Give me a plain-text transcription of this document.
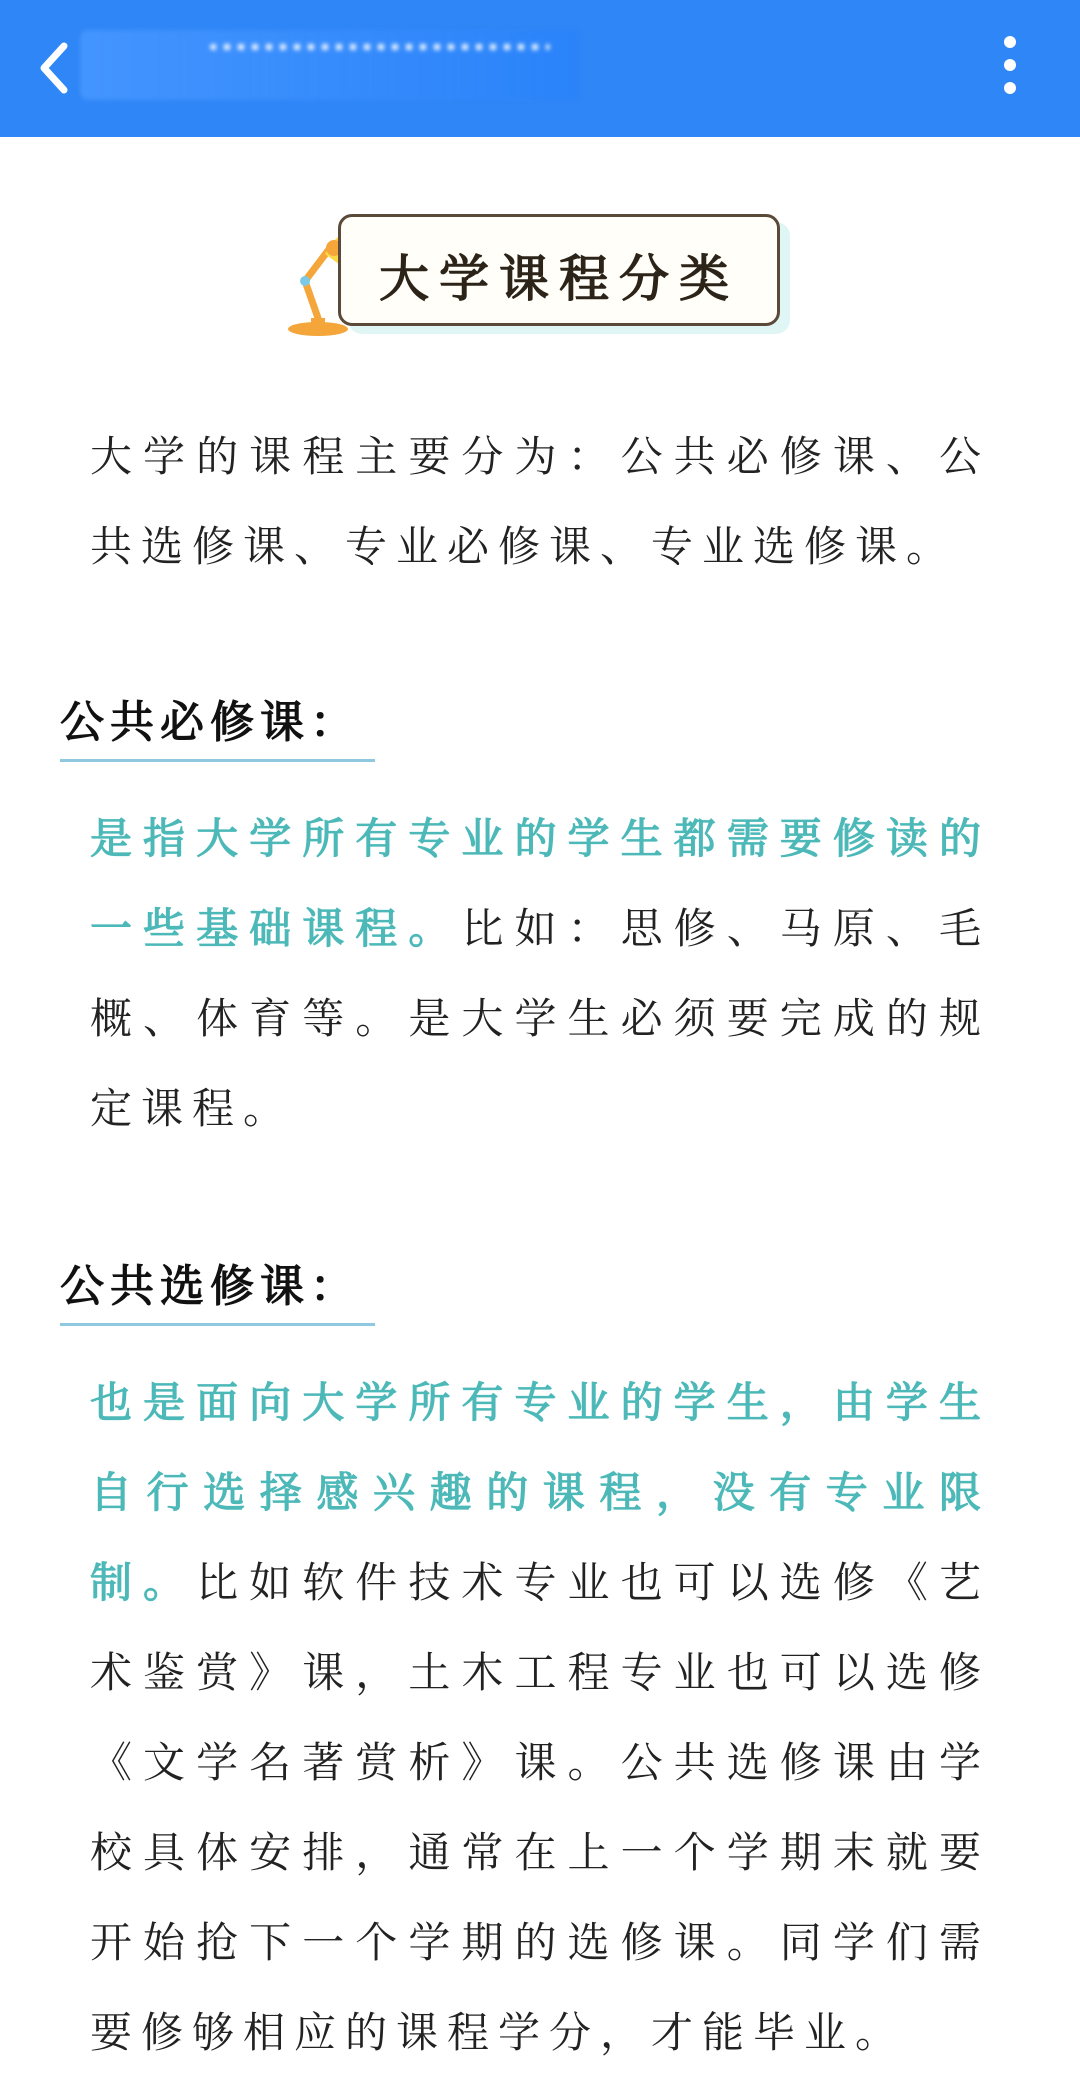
大学课程分类
大学的课程主要分为：公共必修课、公共选修课、专业必修课、专业选修课。
公共必修课：
是指大学所有专业的学生都需要修读的一些基础课程。比如：思修、马原、毛概、体育等。是大学生必须要完成的规定课程。
公共选修课：
也是面向大学所有专业的学生，由学生自行选择感兴趣的课程，没有专业限制。比如软件技术专业也可以选修《艺术鉴赏》课，土木工程专业也可以选修《文学名著赏析》课。公共选修课由学校具体安排，通常在上一个学期末就要开始抢下一个学期的选修课。同学们需要修够相应的课程学分，才能毕业。
